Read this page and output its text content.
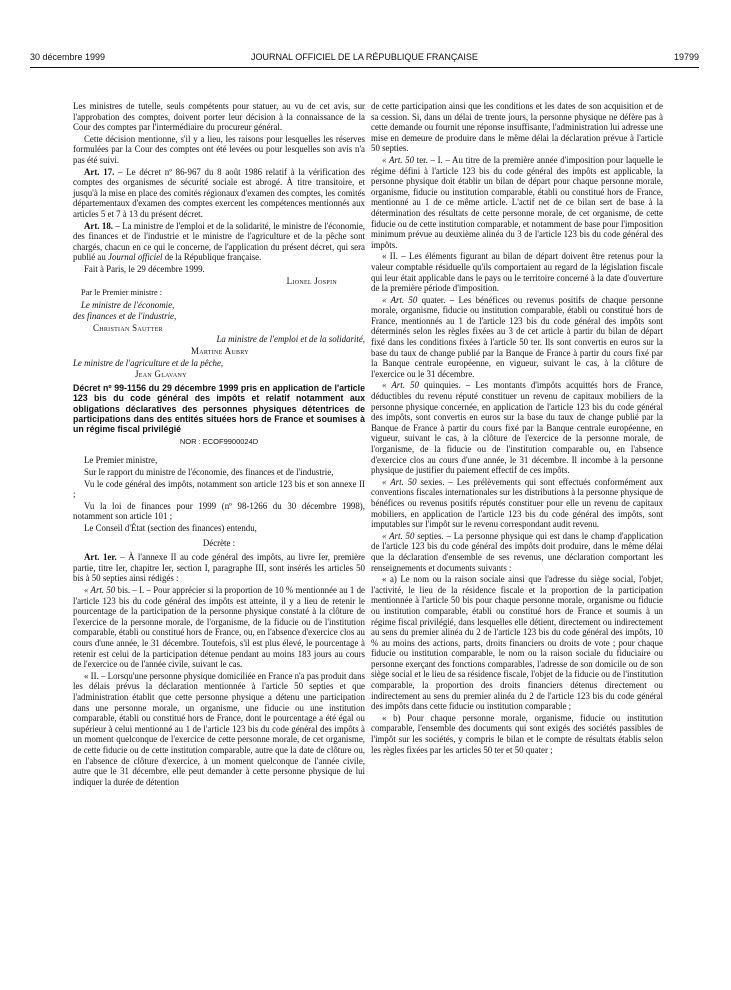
30 décembre 1999	JOURNAL OFFICIEL DE LA RÉPUBLIQUE FRANÇAISE	19799

Les ministres de tutelle, seuls compétents pour statuer, au vu de cet avis, sur l'approbation des comptes, doivent porter leur décision à la connaissance de la Cour des comptes par l'intermédiaire du procureur général.

Cette décision mentionne, s'il y a lieu, les raisons pour lesquelles les réserves formulées par la Cour des comptes ont été levées ou pour lesquelles son avis n'a pas été suivi.

Art. 17. – Le décret nº 86-967 du 8 août 1986 relatif à la vérification des comptes des organismes de sécurité sociale est abrogé. À titre transitoire, et jusqu'à la mise en place des comités régionaux d'examen des comptes, les comités départementaux d'examen des comptes exercent les compétences mentionnés aux articles 5 et 7 à 13 du présent décret.

Art. 18. – La ministre de l'emploi et de la solidarité, le ministre de l'économie, des finances et de l'industrie et le ministre de l'agriculture et de la pêche sont chargés, chacun en ce qui le concerne, de l'application du présent décret, qui sera publié au Journal officiel de la République française.

Fait à Paris, le 29 décembre 1999.

Lionel Jospin

Par le Premier ministre :

Le ministre de l'économie,

des finances et de l'industrie,

Christian Sautter

La ministre de l'emploi et de la solidarité,

Martine Aubry

Le ministre de l'agriculture et de la pêche,

Jean Glavany

Décret nº 99-1156 du 29 décembre 1999 pris en application de l'article 123 bis du code général des impôts et relatif notamment aux obligations déclaratives des personnes physiques détentrices de participations dans des entités situées hors de France et soumises à un régime fiscal privilégié

NOR : ECOF9900024D

Le Premier ministre,

Sur le rapport du ministre de l'économie, des finances et de l'industrie,

Vu le code général des impôts, notamment son article 123 bis et son annexe II ;

Vu la loi de finances pour 1999 (nº 98-1266 du 30 décembre 1998), notamment son article 101 ;

Le Conseil d'État (section des finances) entendu,

Décrète :

Art. 1er. – À l'annexe II au code général des impôts, au livre Ier, première partie, titre Ier, chapitre Ier, section I, paragraphe III, sont insérés les articles 50 bis à 50 septies ainsi rédigés :

« Art. 50 bis. – I. – Pour apprécier si la proportion de 10 % mentionnée au 1 de l'article 123 bis du code général des impôts est atteinte, il y a lieu de retenir le pourcentage de la participation de la personne physique constaté à la clôture de l'exercice de la personne morale, de l'organisme, de la fiducie ou de l'institution comparable, établi ou constitué hors de France, ou, en l'absence d'exercice clos au cours d'une année, le 31 décembre. Toutefois, s'il est plus élevé, le pourcentage à retenir est celui de la participation détenue pendant au moins 183 jours au cours de l'exercice ou de l'année civile, suivant le cas.

« II. – Lorsqu'une personne physique domiciliée en France n'a pas produit dans les délais prévus la déclaration mentionnée à l'article 50 septies et que l'administration établit que cette personne physique a détenu une participation dans une personne morale, un organisme, une fiducie ou une institution comparable, établi ou constitué hors de France, dont le pourcentage a été égal ou supérieur à celui mentionné au 1 de l'article 123 bis du code général des impôts à un moment quelconque de l'exercice de cette personne morale, de cet organisme, de cette fiducie ou de cette institution comparable, autre que la date de clôture ou, en l'absence de clôture d'exercice, à un moment quelconque de l'année civile, autre que le 31 décembre, elle peut demander à cette personne physique de lui indiquer la durée de détention

de cette participation ainsi que les conditions et les dates de son acquisition et de sa cession. Si, dans un délai de trente jours, la personne physique ne défère pas à cette demande ou fournit une réponse insuffisante, l'administration lui adresse une mise en demeure de produire dans le même délai la déclaration prévue à l'article 50 septies.

« Art. 50 ter. – I. – Au titre de la première année d'imposition pour laquelle le régime défini à l'article 123 bis du code général des impôts est applicable, la personne physique doit établir un bilan de départ pour chaque personne morale, organisme, fiducie ou institution comparable, établi ou constitué hors de France, mentionné au 1 de ce même article. L'actif net de ce bilan sert de base à la détermination des résultats de cette personne morale, de cet organisme, de cette fiducie ou de cette institution comparable, et notamment de base pour l'imposition minimum prévue au deuxième alinéa du 3 de l'article 123 bis du code général des impôts.

« II. – Les éléments figurant au bilan de départ doivent être retenus pour la valeur comptable résiduelle qu'ils comportaient au regard de la législation fiscale qui leur était applicable dans le pays ou le territoire concerné à la date d'ouverture de la première période d'imposition.

« Art. 50 quater. – Les bénéfices ou revenus positifs de chaque personne morale, organisme, fiducie ou institution comparable, établi ou constitué hors de France, mentionnés au 1 de l'article 123 bis du code général des impôts sont déterminés selon les règles fixées au 3 de cet article à partir du bilan de départ fixé dans les conditions fixées à l'article 50 ter. Ils sont convertis en euros sur la base du taux de change publié par la Banque de France à partir du cours fixé par la Banque centrale européenne, en vigueur, suivant le cas, à la clôture de l'exercice ou le 31 décembre.

« Art. 50 quinquies. – Les montants d'impôts acquittés hors de France, déductibles du revenu réputé constituer un revenu de capitaux mobiliers de la personne physique concernée, en application de l'article 123 bis du code général des impôts, sont convertis en euros sur la base du taux de change publié par la Banque de France à partir du cours fixé par la Banque centrale européenne, en vigueur, suivant le cas, à la clôture de l'exercice de la personne morale, de l'organisme, de la fiducie ou de l'institution comparable ou, en l'absence d'exercice clos au cours d'une année, le 31 décembre. Il incombe à la personne physique de justifier du paiement effectif de ces impôts.

« Art. 50 sexies. – Les prélèvements qui sont effectués conformément aux conventions fiscales internationales sur les distributions à la personne physique de bénéfices ou revenus positifs réputés constituer pour elle un revenu de capitaux mobiliers, en application de l'article 123 bis du code général des impôts, sont imputables sur l'impôt sur le revenu correspondant audit revenu.

« Art. 50 septies. – La personne physique qui est dans le champ d'application de l'article 123 bis du code général des impôts doit produire, dans le même délai que la déclaration d'ensemble de ses revenus, une déclaration comportant les renseignements et documents suivants :

« a) Le nom ou la raison sociale ainsi que l'adresse du siège social, l'objet, l'activité, le lieu de la résidence fiscale et la proportion de la participation mentionnée à l'article 50 bis pour chaque personne morale, organisme ou fiducie ou institution comparable, établi ou constitué hors de France et soumis à un régime fiscal privilégié, dans lesquelles elle détient, directement ou indirectement au sens du premier alinéa du 2 de l'article 123 bis du code général des impôts, 10 % au moins des actions, parts, droits financiers ou droits de vote ; pour chaque fiducie ou institution comparable, le nom ou la raison sociale du fiduciaire ou personne exerçant des fonctions comparables, l'adresse de son domicile ou de son siège social et le lieu de sa résidence fiscale, l'objet de la fiducie ou de l'institution comparable, la proportion des droits financiers détenus directement ou indirectement au sens du premier alinéa du 2 de l'article 123 bis du code général des impôts dans cette fiducie ou institution comparable ;

« b) Pour chaque personne morale, organisme, fiducie ou institution comparable, l'ensemble des documents qui sont exigés des sociétés passibles de l'impôt sur les sociétés, y compris le bilan et le compte de résultats établis selon les règles fixées par les articles 50 ter et 50 quater ;
